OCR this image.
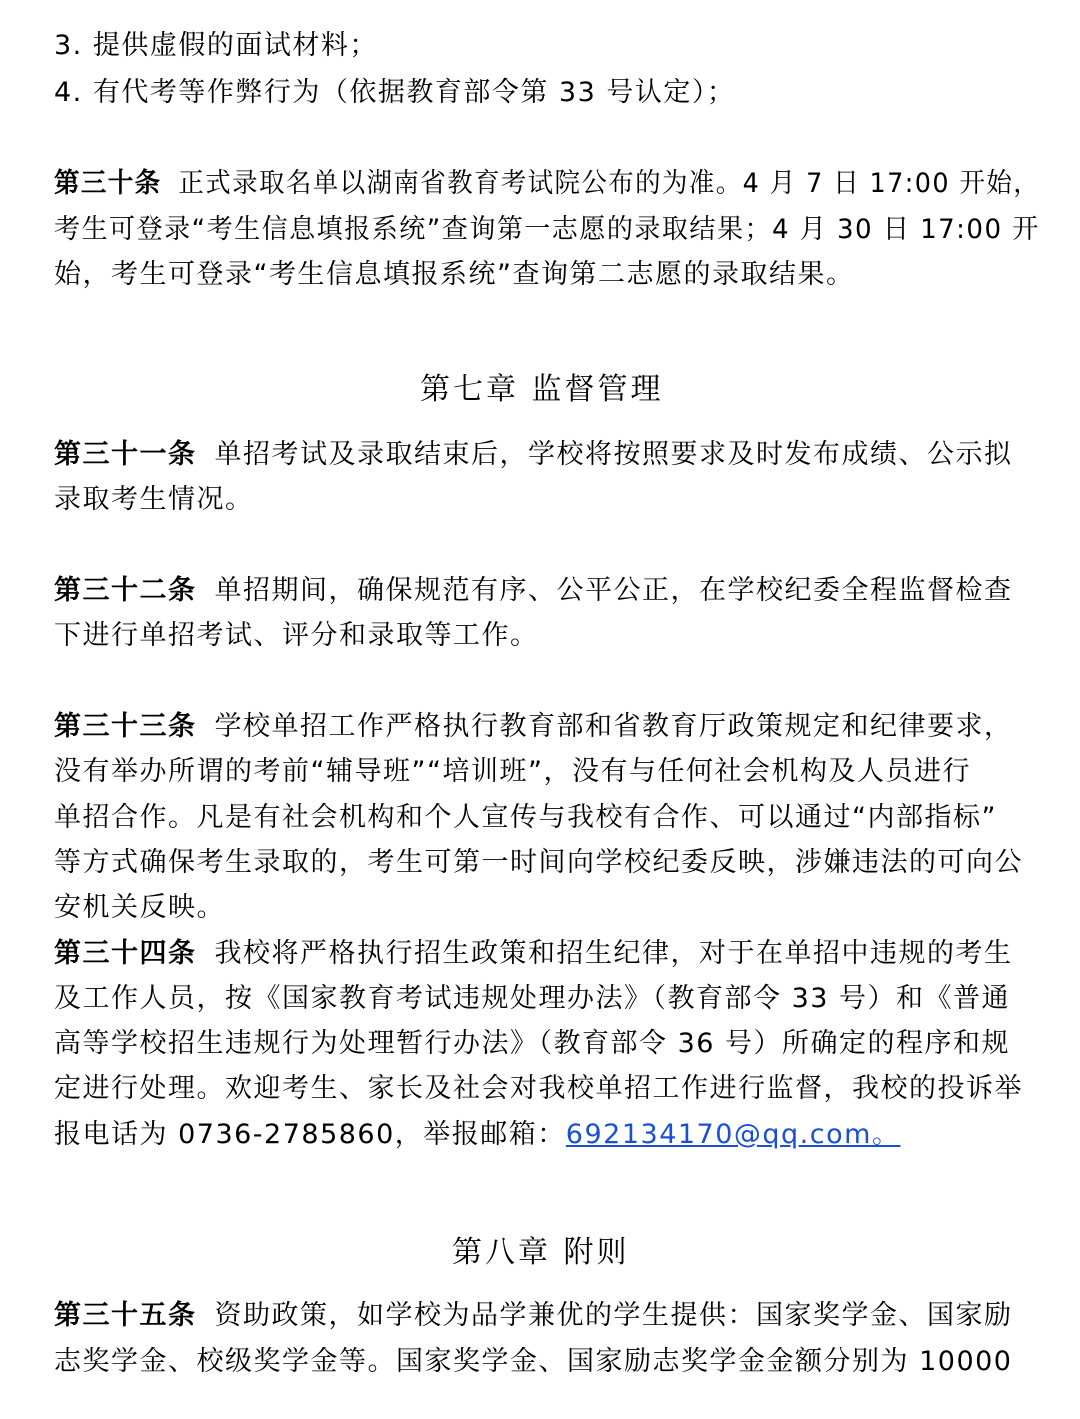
3. 提供虚假的面试材料；
4. 有代考等作弊行为（依据教育部令第 33 号认定）；
第三十条 正式录取名单以湖南省教育考试院公布的为准。4 月 7 日 17:00 开始，
考生可登录“考生信息填报系统”查询第一志愿的录取结果；4 月 30 日 17:00 开
始，考生可登录“考生信息填报系统”查询第二志愿的录取结果。
第七章 监督管理
第三十一条 单招考试及录取结束后，学校将按照要求及时发布成绩、公示拟
录取考生情况。
第三十二条 单招期间，确保规范有序、公平公正，在学校纪委全程监督检查
下进行单招考试、评分和录取等工作。
第三十三条 学校单招工作严格执行教育部和省教育厅政策规定和纪律要求，
没有举办所谓的考前“辅导班”“培训班”，没有与任何社会机构及人员进行
单招合作。凡是有社会机构和个人宣传与我校有合作、可以通过“内部指标”
等方式确保考生录取的，考生可第一时间向学校纪委反映，涉嫌违法的可向公
安机关反映。
第三十四条 我校将严格执行招生政策和招生纪律，对于在单招中违规的考生
及工作人员，按《国家教育考试违规处理办法》（教育部令 33 号）和《普通
高等学校招生违规行为处理暂行办法》（教育部令 36 号）所确定的程序和规
定进行处理。欢迎考生、家长及社会对我校单招工作进行监督，我校的投诉举
报电话为 0736-2785860，举报邮箱：692134170@qq.com。
第八章 附则
第三十五条 资助政策，如学校为品学兼优的学生提供：国家奖学金、国家励
志奖学金、校级奖学金等。国家奖学金、国家励志奖学金金额分别为 10000
